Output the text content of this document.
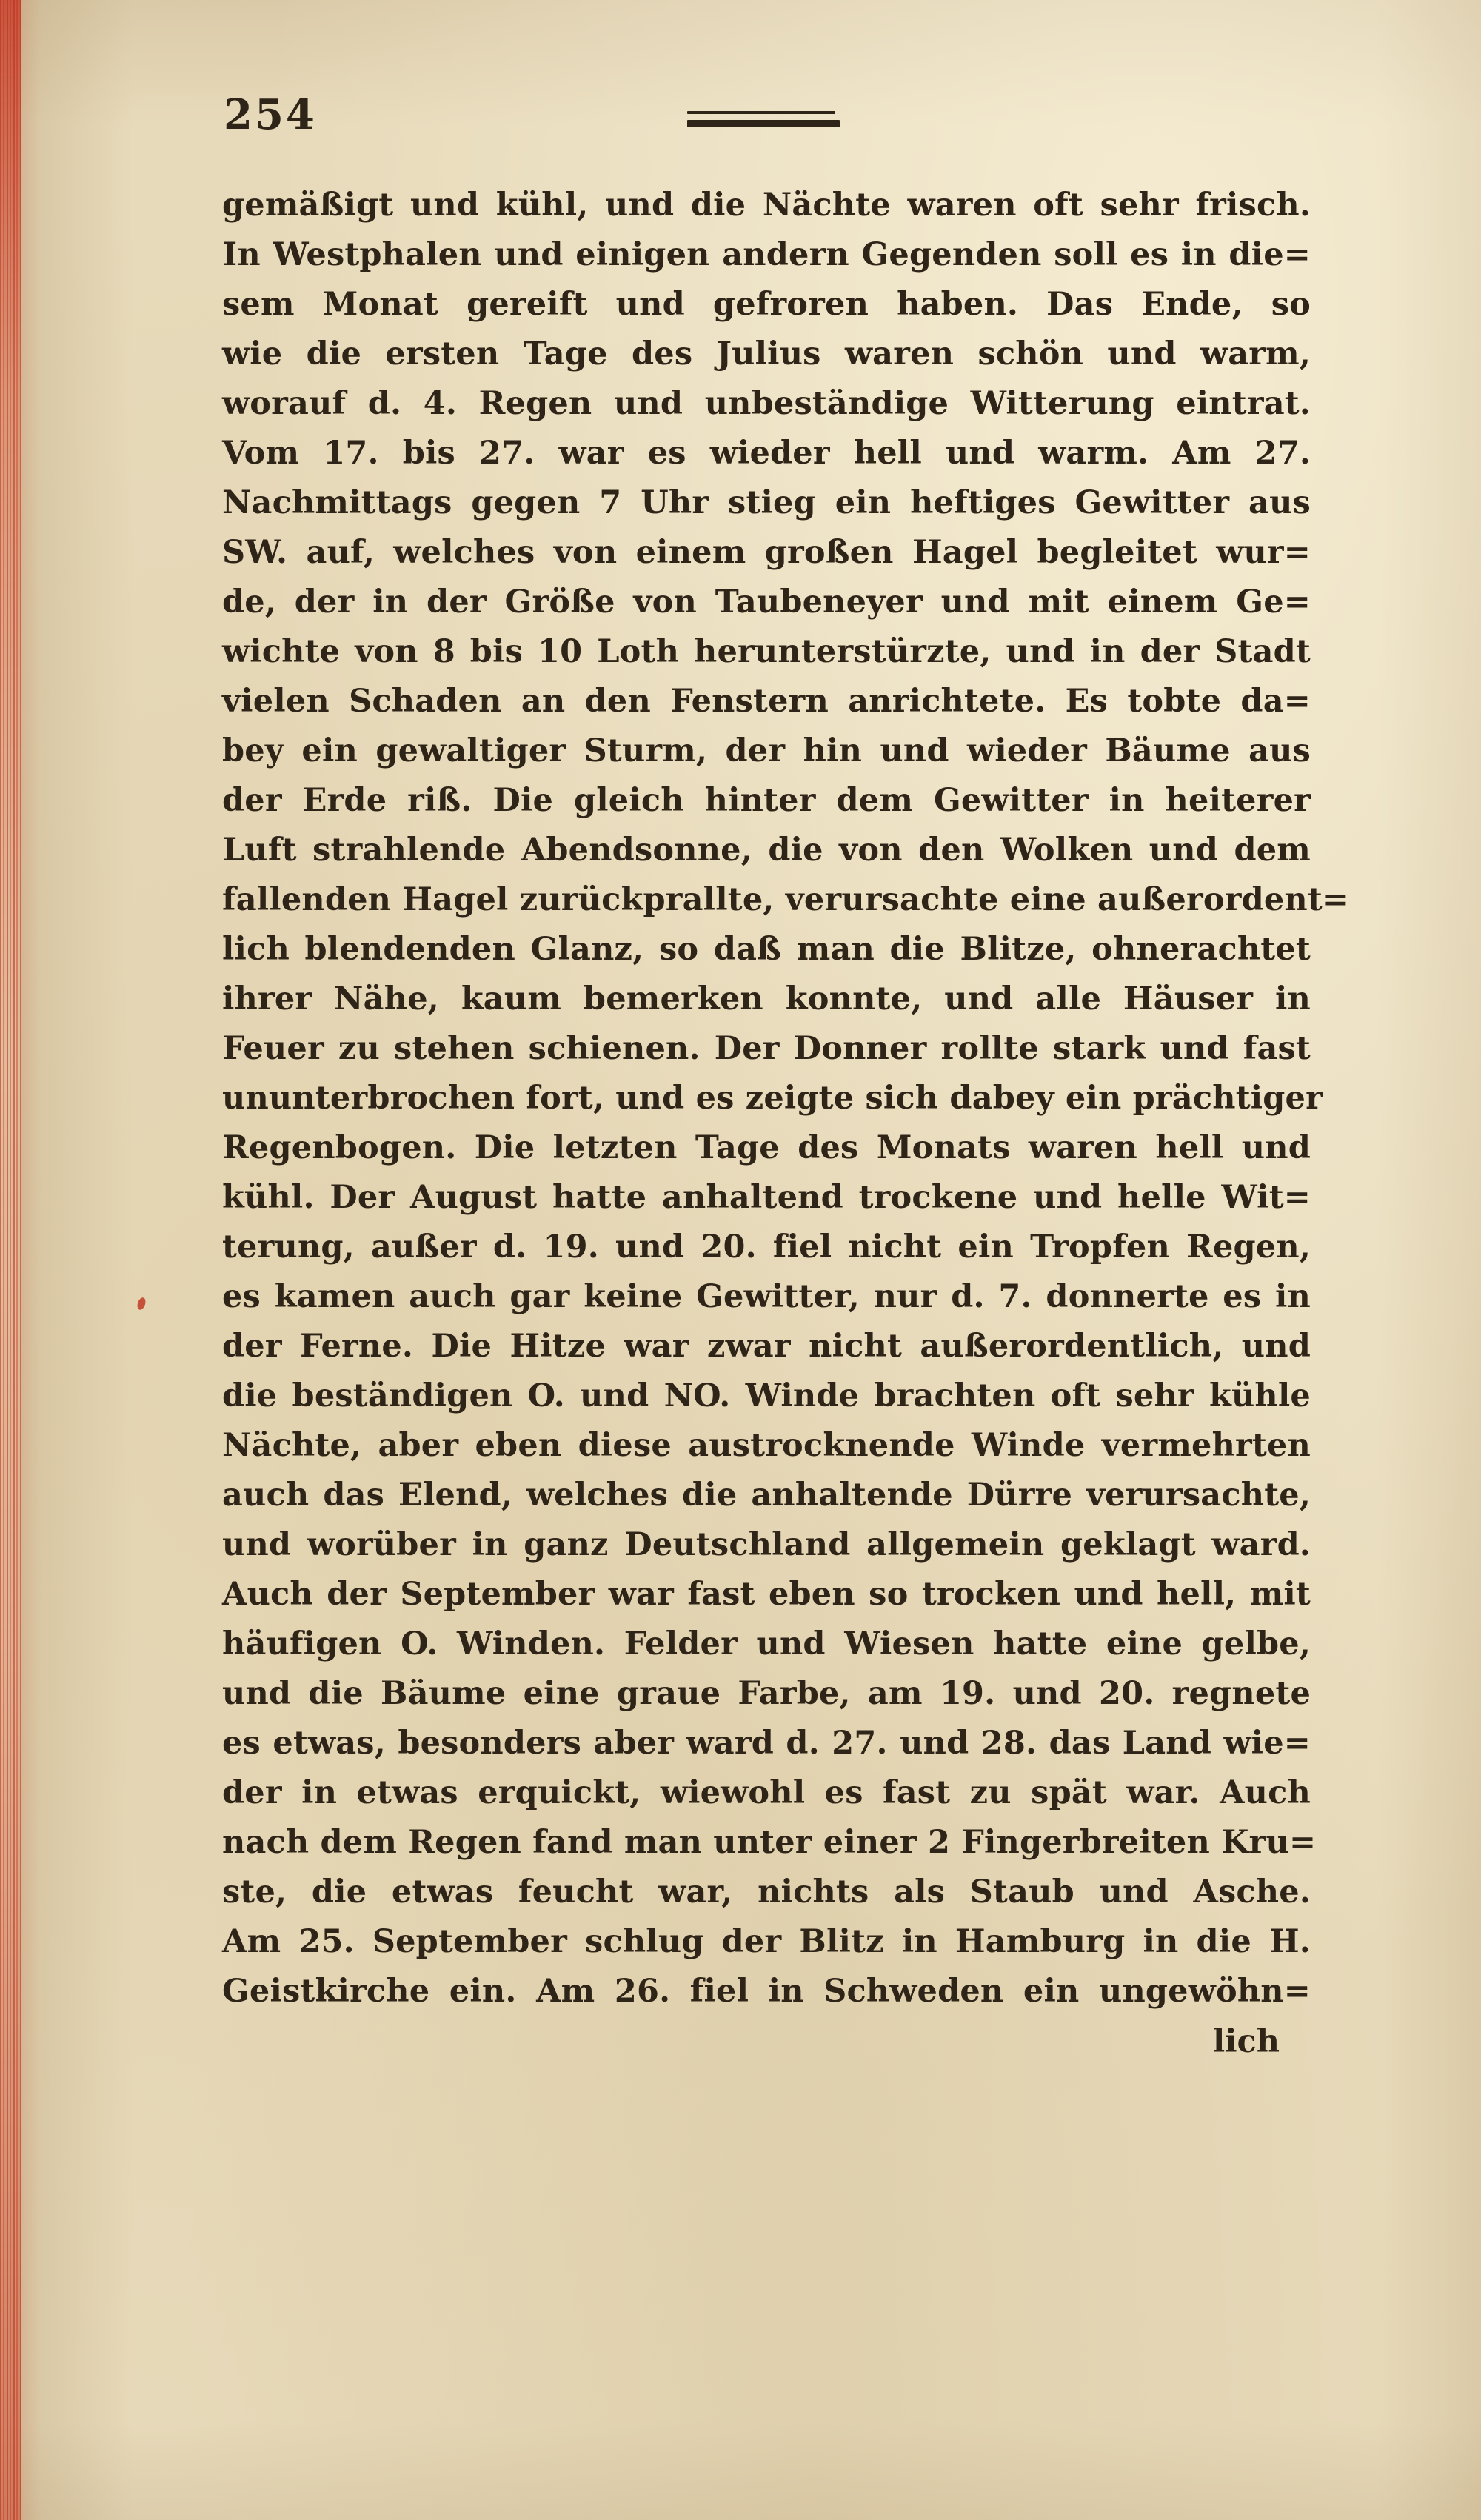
254
gemäßigt und kühl, und die Nächte waren oft sehr frisch.
In Westphalen und einigen andern Gegenden soll es in die=
sem Monat gereift und gefroren haben. Das Ende, so
wie die ersten Tage des Julius waren schön und warm,
worauf d. 4. Regen und unbeständige Witterung eintrat.
Vom 17. bis 27. war es wieder hell und warm. Am 27.
Nachmittags gegen 7 Uhr stieg ein heftiges Gewitter aus
SW. auf, welches von einem großen Hagel begleitet wur=
de, der in der Größe von Taubeneyer und mit einem Ge=
wichte von 8 bis 10 Loth herunterstürzte, und in der Stadt
vielen Schaden an den Fenstern anrichtete. Es tobte da=
bey ein gewaltiger Sturm, der hin und wieder Bäume aus
der Erde riß. Die gleich hinter dem Gewitter in heiterer
Luft strahlende Abendsonne, die von den Wolken und dem
fallenden Hagel zurückprallte, verursachte eine außerordent=
lich blendenden Glanz, so daß man die Blitze, ohnerachtet
ihrer Nähe, kaum bemerken konnte, und alle Häuser in
Feuer zu stehen schienen. Der Donner rollte stark und fast
ununterbrochen fort, und es zeigte sich dabey ein prächtiger
Regenbogen. Die letzten Tage des Monats waren hell und
kühl. Der August hatte anhaltend trockene und helle Wit=
terung, außer d. 19. und 20. fiel nicht ein Tropfen Regen,
es kamen auch gar keine Gewitter, nur d. 7. donnerte es in
der Ferne. Die Hitze war zwar nicht außerordentlich, und
die beständigen O. und NO. Winde brachten oft sehr kühle
Nächte, aber eben diese austrocknende Winde vermehrten
auch das Elend, welches die anhaltende Dürre verursachte,
und worüber in ganz Deutschland allgemein geklagt ward.
Auch der September war fast eben so trocken und hell, mit
häufigen O. Winden. Felder und Wiesen hatte eine gelbe,
und die Bäume eine graue Farbe, am 19. und 20. regnete
es etwas, besonders aber ward d. 27. und 28. das Land wie=
der in etwas erquickt, wiewohl es fast zu spät war. Auch
nach dem Regen fand man unter einer 2 Fingerbreiten Kru=
ste, die etwas feucht war, nichts als Staub und Asche.
Am 25. September schlug der Blitz in Hamburg in die H.
Geistkirche ein. Am 26. fiel in Schweden ein ungewöhn=
lich
